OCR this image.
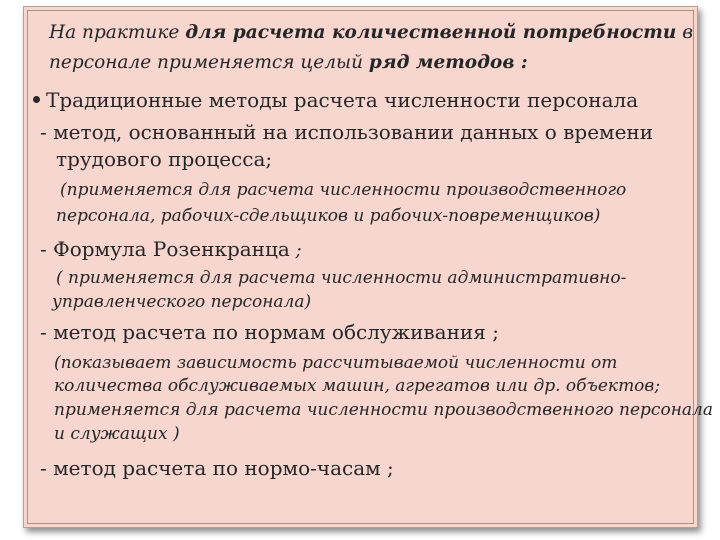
На практике для расчета количественной потребности в
персонале применяется целый ряд методов :
Традиционные методы расчета численности персонала
- метод, основанный на использовании данных о времени
трудового процесса;
(применяется для расчета численности производственного
персонала, рабочих-сдельщиков и рабочих-повременщиков)
- Формула Розенкранца ;
( применяется для расчета численности административно-
управленческого персонала)
- метод расчета по нормам обслуживания ;
(показывает зависимость рассчитываемой численности от
количества обслуживаемых машин, агрегатов или др. объектов;
применяется для расчета численности производственного персонала
и служащих )
- метод расчета по нормо-часам ;
